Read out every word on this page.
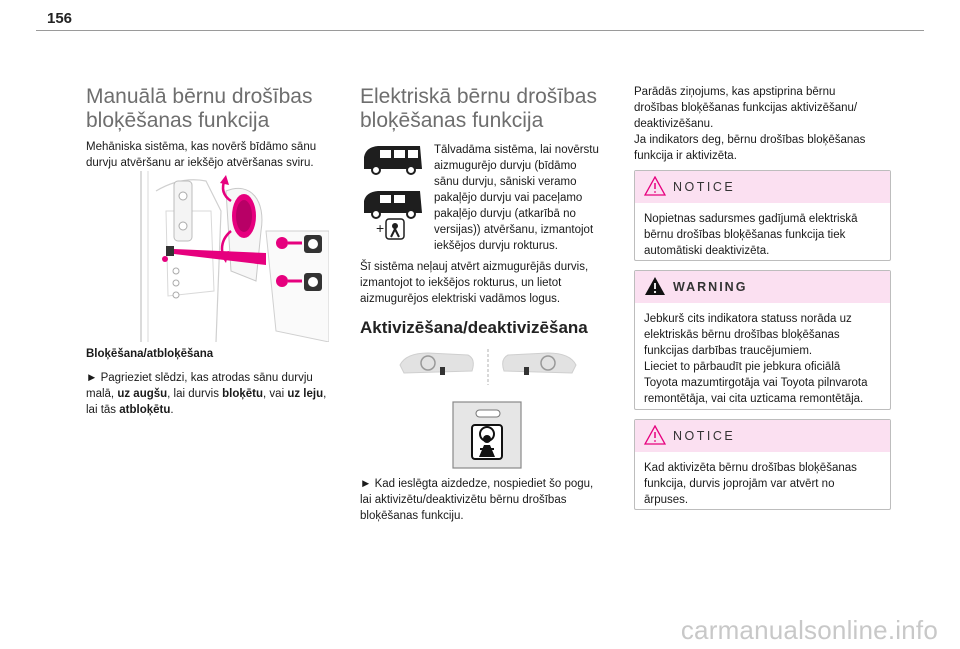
156
Manuālā bērnu drošības
bloķēšanas funkcija
Mehāniska sistēma, kas novērš bīdāmo sānu
durvju atvēršanu ar iekšējo atvēršanas sviru.
Bloķēšana/atbloķēšana
► Pagrieziet slēdzi, kas atrodas sānu durvju
malā, uz augšu, lai durvis bloķētu, vai uz leju,
lai tās atbloķētu.
Elektriskā bērnu drošības
bloķēšanas funkcija
+
Tālvadāma sistēma, lai novērstu
aizmugurējo durvju (bīdāmo
sānu durvju, sāniski veramo
pakaļējo durvju vai paceļamo
pakaļējo durvju (atkarībā no
versijas)) atvēršanu, izmantojot
iekšējos durvju rokturus.
Šī sistēma neļauj atvērt aizmugurējās durvis,
izmantojot to iekšējos rokturus, un lietot
aizmugurējos elektriski vadāmos logus.
Aktivizēšana/deaktivizēšana
► Kad ieslēgta aizdedze, nospiediet šo pogu,
lai aktivizētu/deaktivizētu bērnu drošības
bloķēšanas funkciju.
Parādās ziņojums, kas apstiprina bērnu
drošības bloķēšanas funkcijas aktivizēšanu/
deaktivizēšanu.
Ja indikators deg, bērnu drošības bloķēšanas
funkcija ir aktivizēta.
NOTICE
Nopietnas sadursmes gadījumā elektriskā
bērnu drošības bloķēšanas funkcija tiek
automātiski deaktivizēta.
WARNING
Jebkurš cits indikatora statuss norāda uz
elektriskās bērnu drošības bloķēšanas
funkcijas darbības traucējumiem.
Lieciet to pārbaudīt pie jebkura oficiālā
Toyota mazumtirgotāja vai Toyota pilnvarota
remontētāja, vai cita uzticama remontētāja.
NOTICE
Kad aktivizēta bērnu drošības bloķēšanas
funkcija, durvis joprojām var atvērt no
ārpuses.
carmanualsonline.info
